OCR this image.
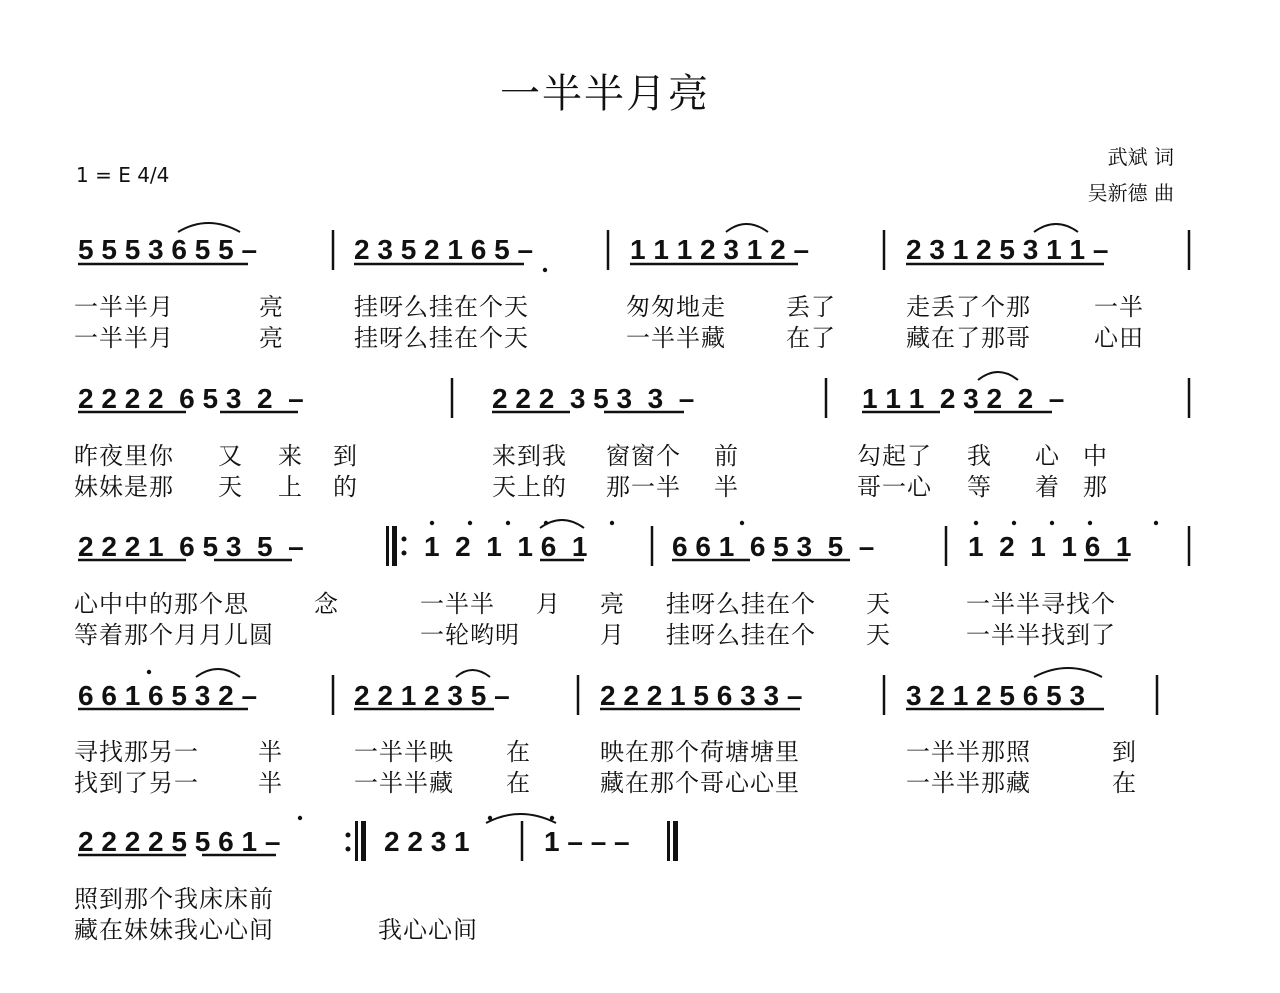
一半半月亮
1 = E 4/4
武斌 词
吴新德 曲
5 5 5 3 6 5 5 –	2 3 5 2 1 6 5 –	1 1 1 2 3 1 2 –	2 3 1 2 5 3 1 1 –
一半半月	亮	挂呀么挂在个天	匆匆地走	丢了	走丢了个那	一半
一半半月	亮	挂呀么挂在个天	一半半藏	在了	藏在了那哥	心田
2 2 2 2  6 5 3  2  –	2 2 2  3 5 3  3  –	1 1 1  2 3 2  2  –
昨夜里你 又 来 到	来到我 窗窗个 前	勾起了 我 心 中
妹妹是那 天 上 的	天上的 那一半 半	哥一心 等 着 那
2 2 2 1  6 5 3  5  –	1  2  1  1 6  1	6 6 1  6 5 3  5  –	1  2  1  1 6  1
心中中的那个思	念	一半半 月 亮 挂呀么挂在个 天	一半半寻找个
等着那个月月儿圆	一轮哟明	月 挂呀么挂在个 天	一半半找到了
6 6 1 6 5 3 2 –	2 2 1 2 3 5 –	2 2 2 1 5 6 3 3 –	3 2 1 2 5 6 5 3
寻找那另一 半	一半半映 在	映在那个荷塘塘里	一半半那照	到
找到了另一 半	一半半藏 在	藏在那个哥心心里	一半半那藏	在
2 2 2 2 5 5 6 1 –	2 2 3 1	1 – – –
照到那个我床床前
藏在妹妹我心心间	我心心间
